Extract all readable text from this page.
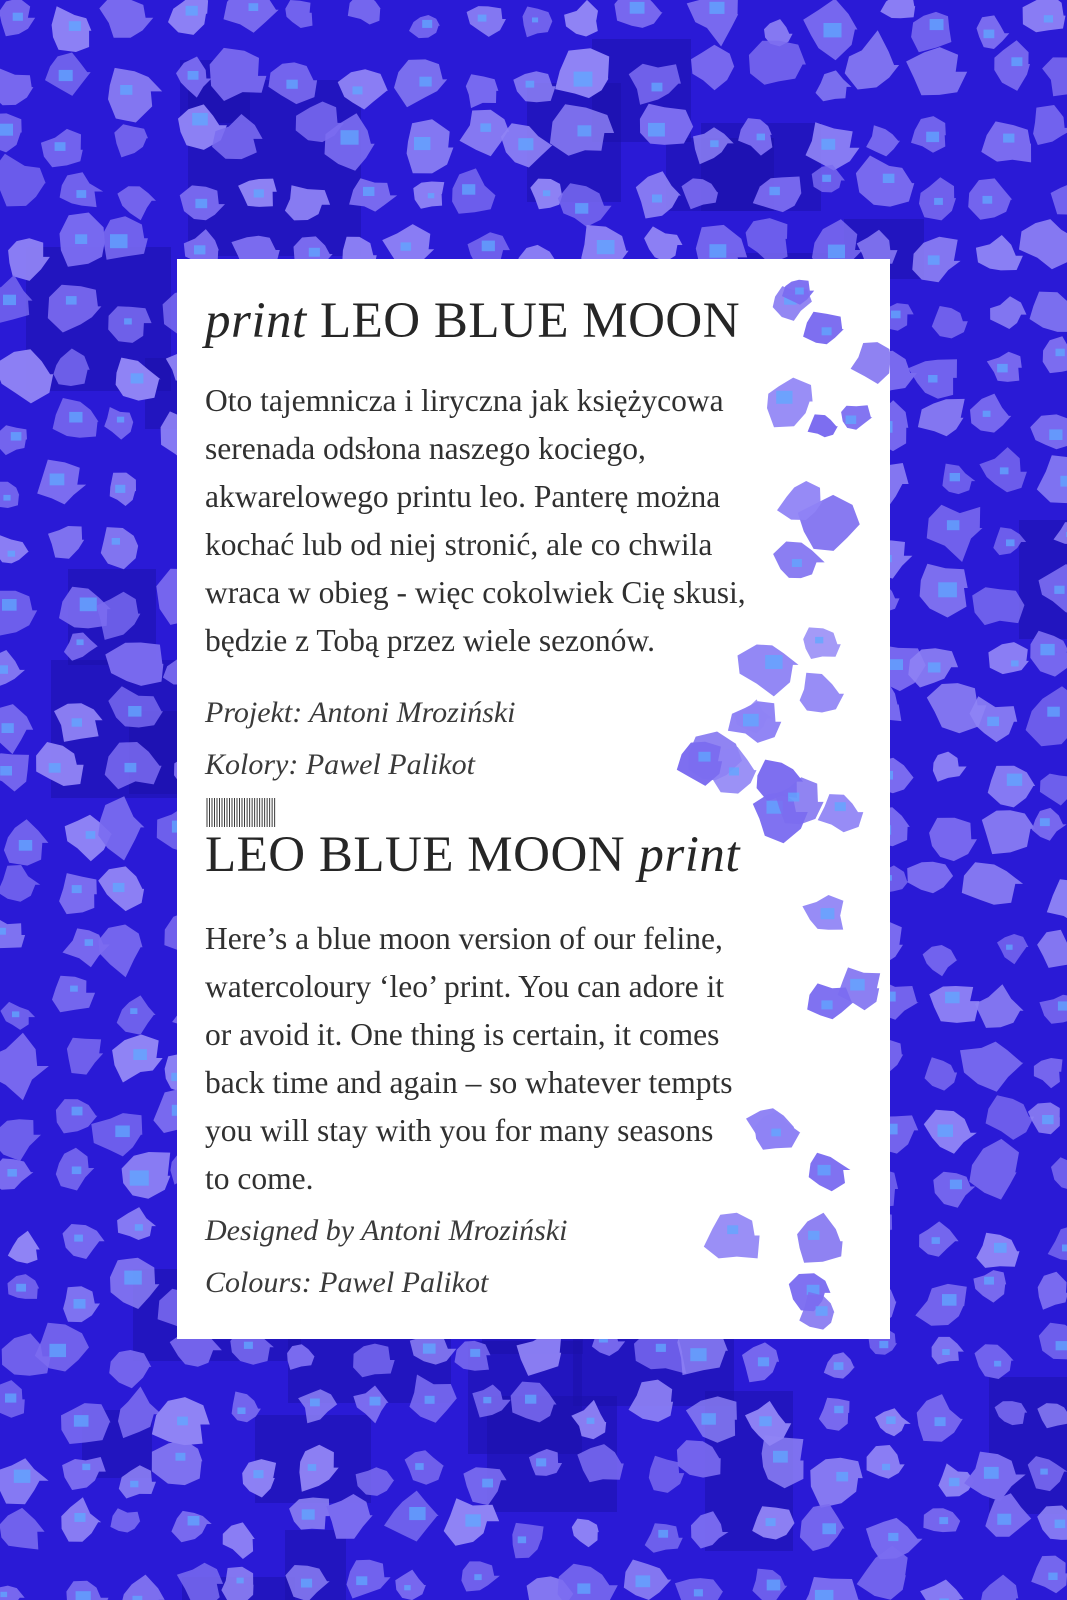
print LEO BLUE MOON

Oto tajemnicza i liryczna jak księżycowa
serenada odsłona naszego kociego,
akwarelowego printu leo. Panterę można
kochać lub od niej stronić, ale co chwila
wraca w obieg - więc cokolwiek Cię skusi,
będzie z Tobą przez wiele sezonów.

Projekt: Antoni Mroziński
Kolory: Pawel Palikot

||||||||||||||||||||||||||||
LEO BLUE MOON print

Here’s a blue moon version of our feline,
watercoloury ‘leo’ print. You can adore it
or avoid it. One thing is certain, it comes
back time and again – so whatever tempts
you will stay with you for many seasons
to come.

Designed by Antoni Mroziński
Colours: Pawel Palikot
